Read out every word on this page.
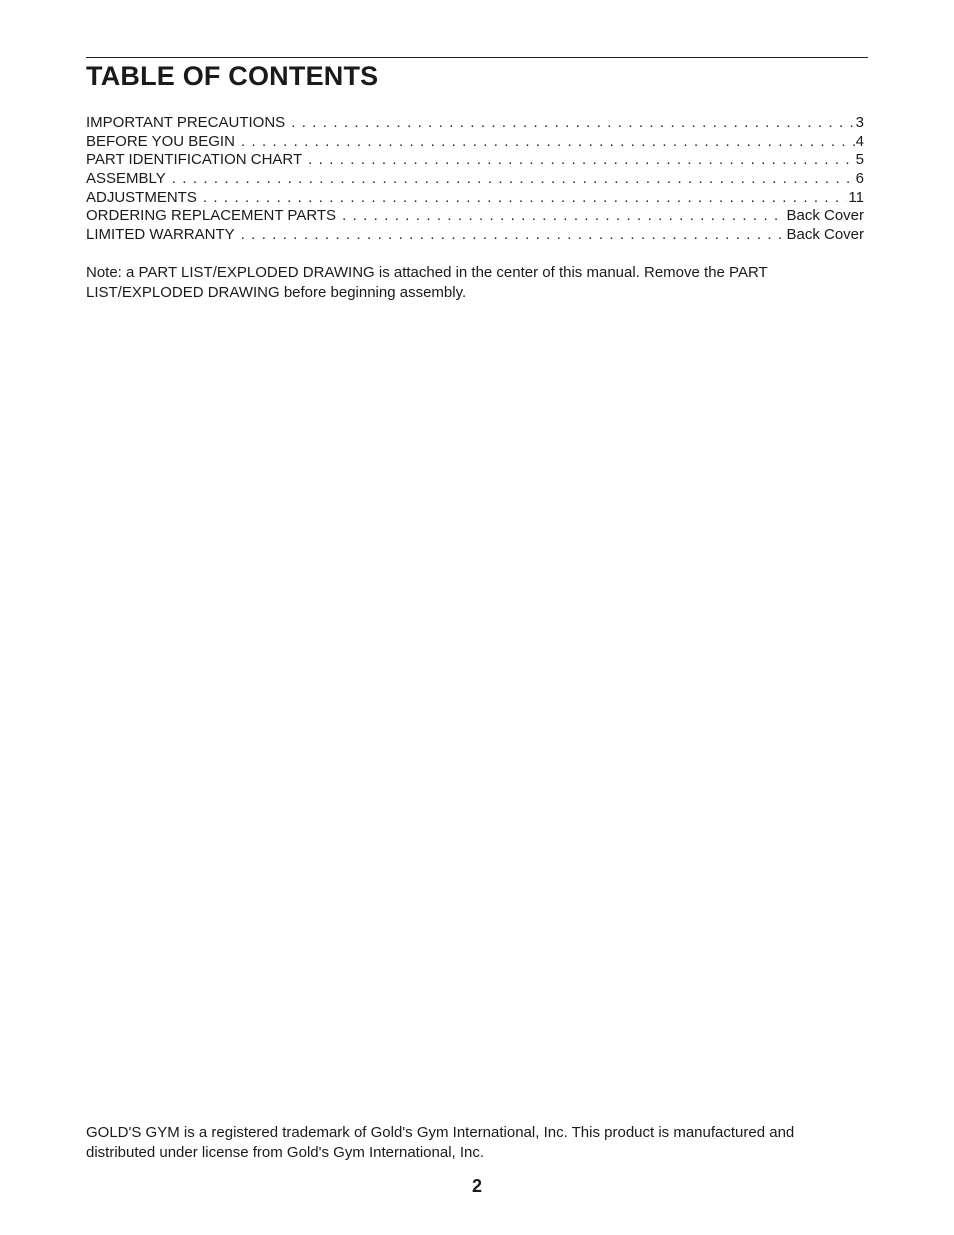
TABLE OF CONTENTS
IMPORTANT PRECAUTIONS . . .	3
BEFORE YOU BEGIN . . .	4
PART IDENTIFICATION CHART . . .	5
ASSEMBLY . . .	6
ADJUSTMENTS . . .	11
ORDERING REPLACEMENT PARTS . . .	Back Cover
LIMITED WARRANTY . . .	Back Cover

Note: a PART LIST/EXPLODED DRAWING is attached in the center of this manual. Remove the PART LIST/EXPLODED DRAWING before beginning assembly.

GOLD'S GYM is a registered trademark of Gold's Gym International, Inc. This product is manufactured and distributed under license from Gold's Gym International, Inc.

2
